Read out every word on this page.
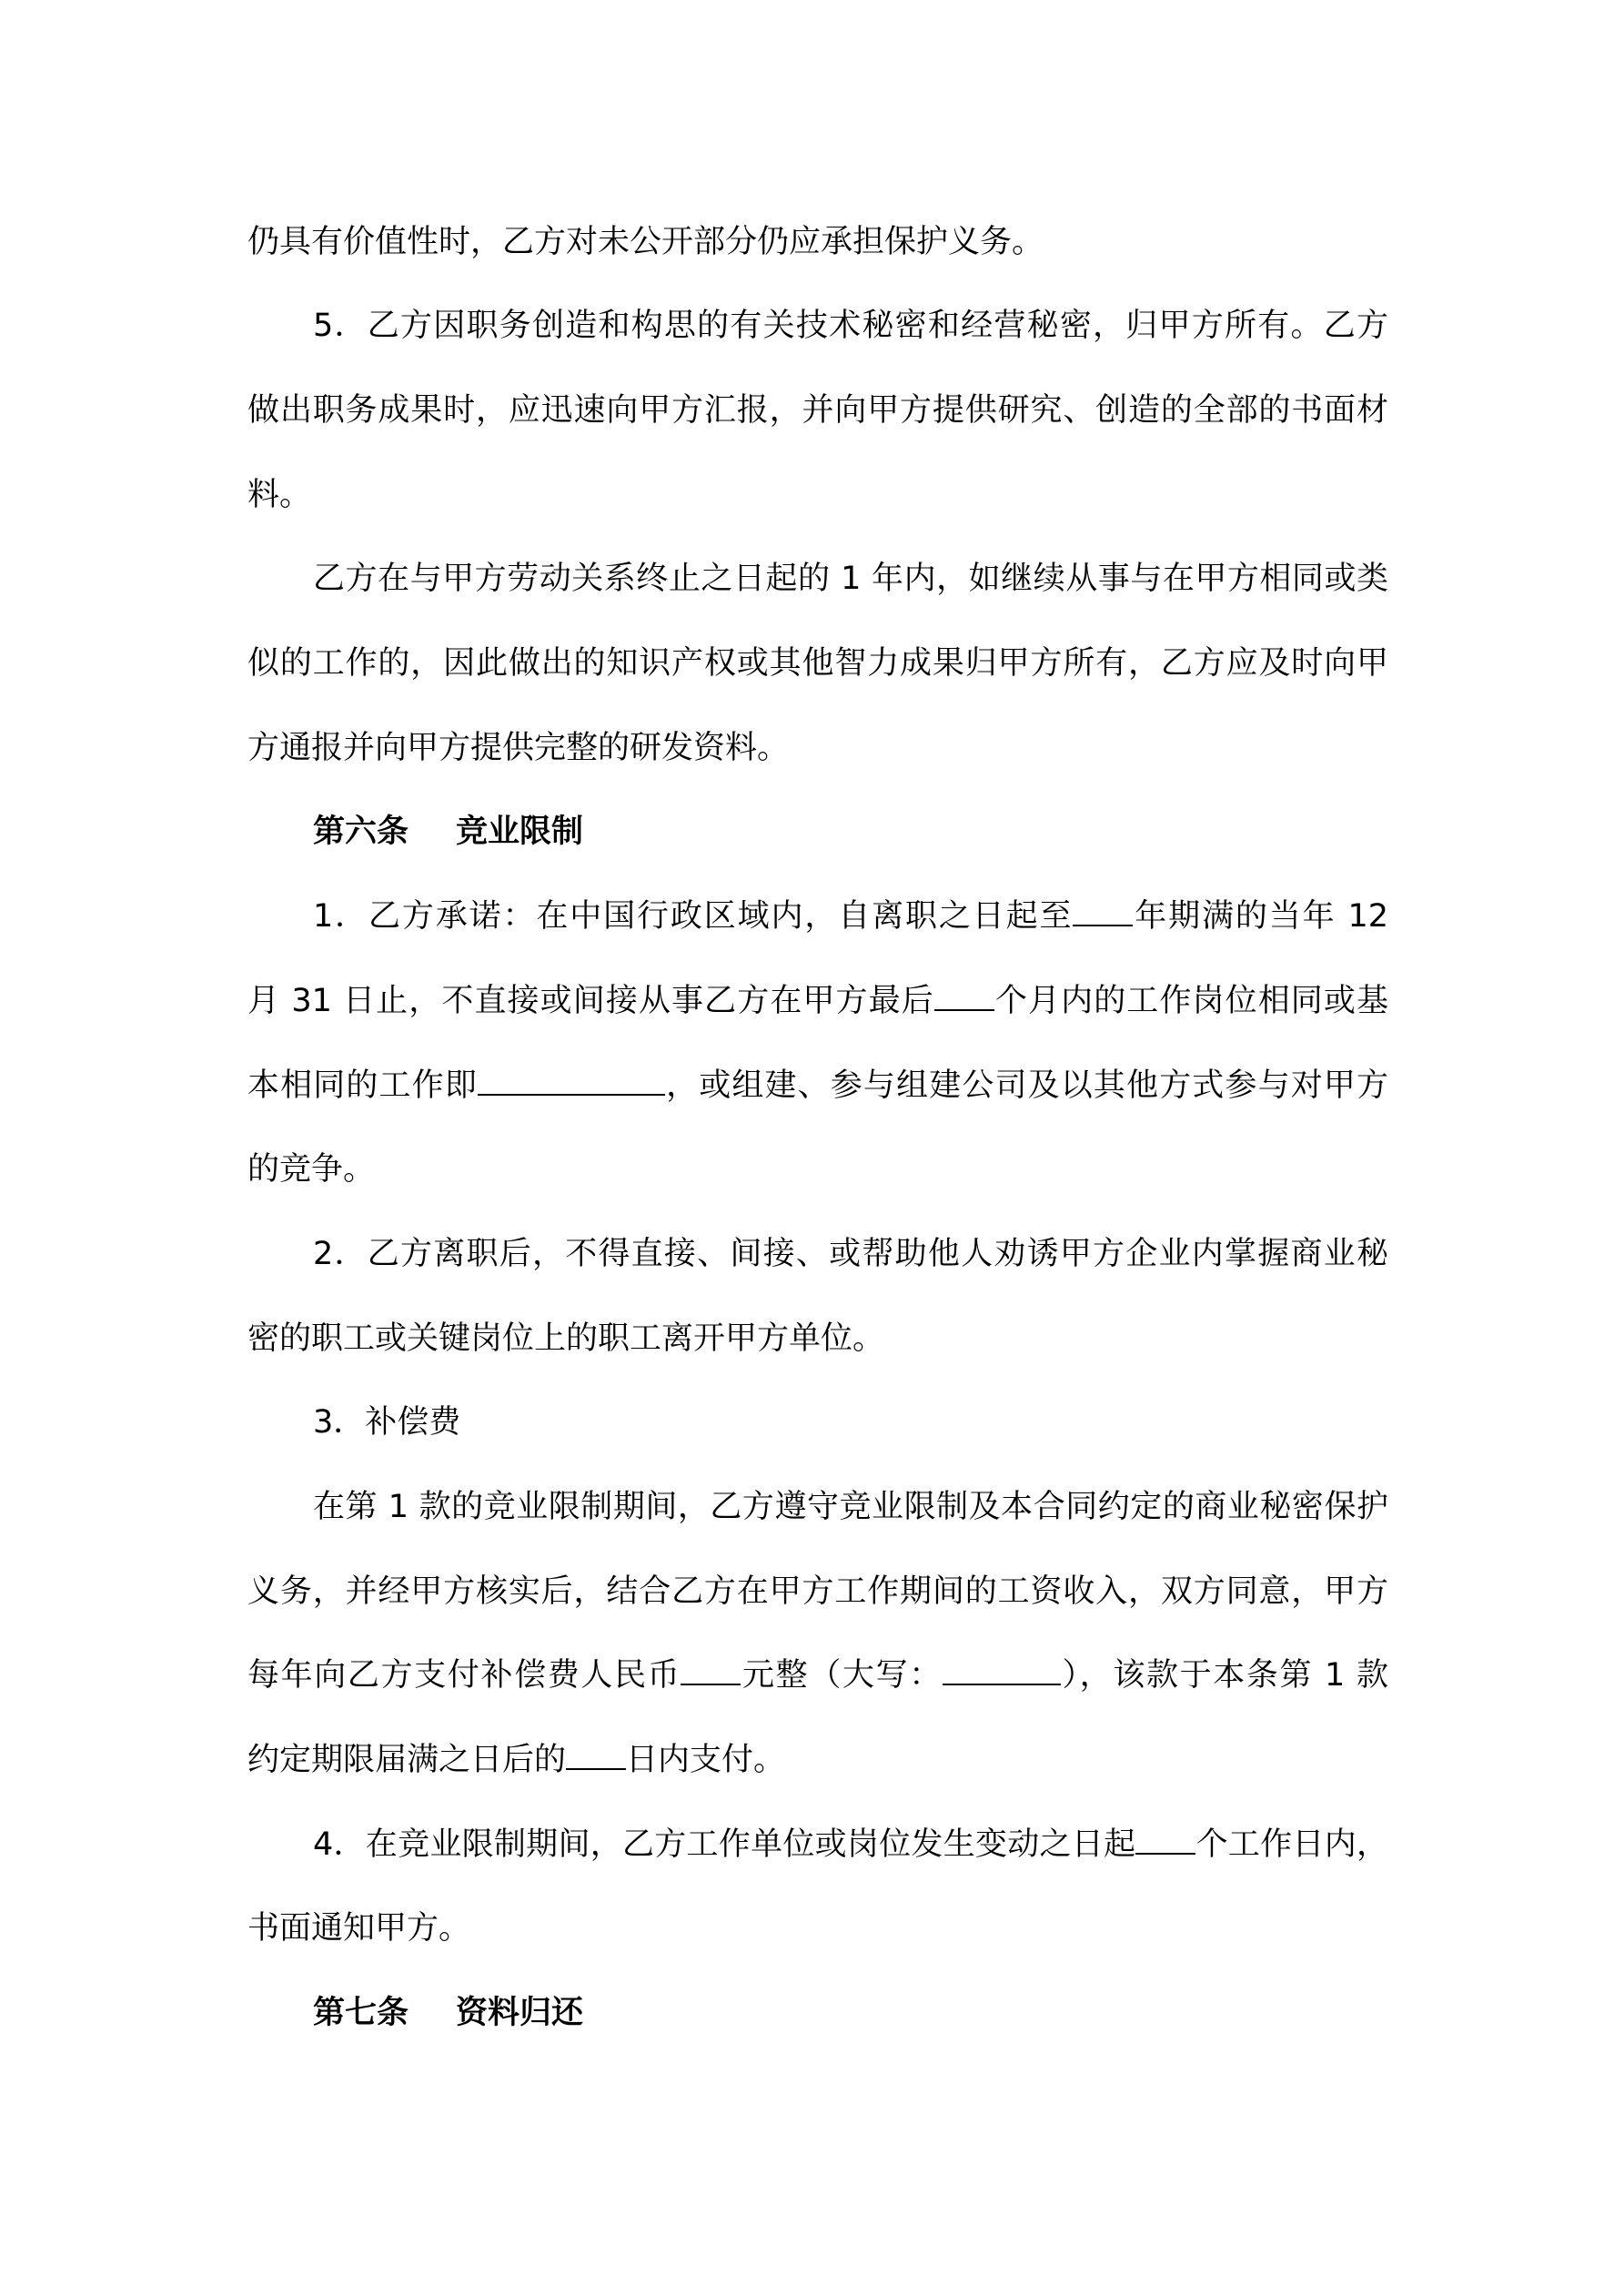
仍具有价值性时，乙方对未公开部分仍应承担保护义务。

5．乙方因职务创造和构思的有关技术秘密和经营秘密，归甲方所有。乙方

做出职务成果时，应迅速向甲方汇报，并向甲方提供研究、创造的全部的书面材

料。

乙方在与甲方劳动关系终止之日起的 1 年内，如继续从事与在甲方相同或类

似的工作的，因此做出的知识产权或其他智力成果归甲方所有，乙方应及时向甲

方通报并向甲方提供完整的研发资料。

第六条 竞业限制

1．乙方承诺：在中国行政区域内，自离职之日起至 年期满的当年 12

月 31 日止，不直接或间接从事乙方在甲方最后 个月内的工作岗位相同或基

本相同的工作即	，或组建、参与组建公司及以其他方式参与对甲方

的竞争。

2．乙方离职后，不得直接、间接、或帮助他人劝诱甲方企业内掌握商业秘

密的职工或关键岗位上的职工离开甲方单位。

3．补偿费

在第 1 款的竞业限制期间，乙方遵守竞业限制及本合同约定的商业秘密保护

义务，并经甲方核实后，结合乙方在甲方工作期间的工资收入，双方同意，甲方

每年向乙方支付补偿费人民币 元整（大写：	），该款于本条第 1 款

约定期限届满之日后的 日内支付。

4．在竞业限制期间，乙方工作单位或岗位发生变动之日起 个工作日内，

书面通知甲方。

第七条 资料归还
